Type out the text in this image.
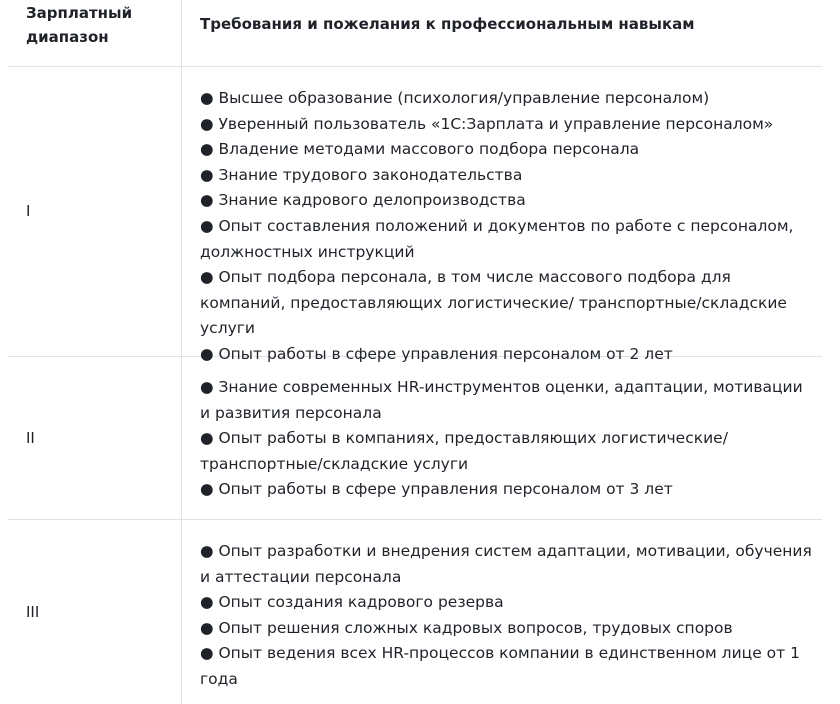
Зарплатный диапазон
Требования и пожелания к профессиональным навыкам
I
● Высшее образование (психология/управление персоналом)
● Уверенный пользователь «1С:Зарплата и управление персоналом»
● Владение методами массового подбора персонала
● Знание трудового законодательства
● Знание кадрового делопроизводства
● Опыт составления положений и документов по работе с персоналом, должностных инструкций
● Опыт подбора персонала, в том числе массового подбора для компаний, предоставляющих логистические/ транспортные/складские услуги
● Опыт работы в сфере управления персоналом от 2 лет
II
● Знание современных HR-инструментов оценки, адаптации, мотивации и развития персонала
● Опыт работы в компаниях, предоставляющих логистические/ транспортные/складские услуги
● Опыт работы в сфере управления персоналом от 3 лет
III
● Опыт разработки и внедрения систем адаптации, мотивации, обучения и аттестации персонала
● Опыт создания кадрового резерва
● Опыт решения сложных кадровых вопросов, трудовых споров
● Опыт ведения всех HR-процессов компании в единственном лице от 1 года
